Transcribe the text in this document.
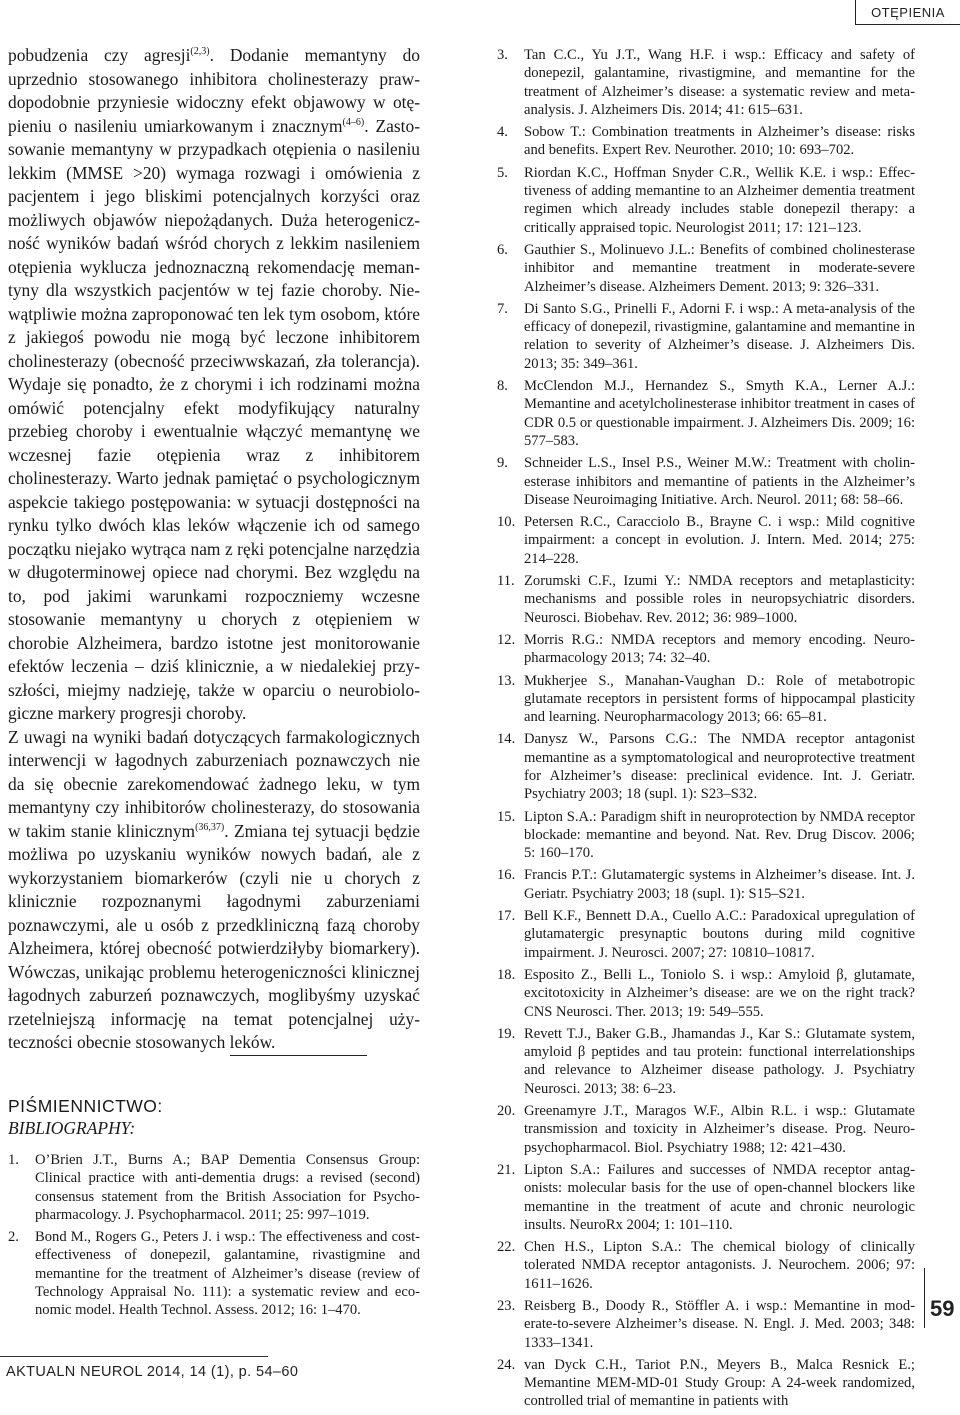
OTĘPIENIA

pobudzenia czy agresji$^{(2,3)}$. Dodanie memantyny do uprzednio stosowanego inhibitora cholinesterazy prawdopodobnie przyniesie widoczny efekt objawowy w otępieniu o nasileniu umiarkowanym i znacznym$^{(4-6)}$. Zastosowanie memantyny w przypadkach otępienia o nasileniu lekkim (MMSE >20) wymaga rozwagi i omówienia z pacjentem i jego bliskimi potencjalnych korzyści oraz możliwych objawów niepożądanych. Duża heterogeniczność wyników badań wśród chorych z lekkim nasileniem otępienia wyklucza jednoznaczną rekomendację memantyny dla wszystkich pacjentów w tej fazie choroby. Niewątpliwie można zaproponować ten lek tym osobom, które z jakiegoś powodu nie mogą być leczone inhibitorem cholinesterazy (obecność przeciwwskazań, zła tolerancja). Wydaje się ponadto, że z chorymi i ich rodzinami można omówić potencjalny efekt modyfikujący naturalny przebieg choroby i ewentualnie włączyć memantynę we wczesnej fazie otępienia wraz z inhibitorem cholinesterazy. Warto jednak pamiętać o psychologicznym aspekcie takiego postępowania: w sytuacji dostępności na rynku tylko dwóch klas leków włączenie ich od samego początku niejako wytrąca nam z ręki potencjalne narzędzia w długoterminowej opiece nad chorymi. Bez względu na to, pod jakimi warunkami rozpoczniemy wczesne stosowanie memantyny u chorych z otępieniem w chorobie Alzheimera, bardzo istotne jest monitorowanie efektów leczenia – dziś klinicznie, a w niedalekiej przyszłości, miejmy nadzieję, także w oparciu o neurobiologiczne markery progresji choroby.

Z uwagi na wyniki badań dotyczących farmakologicznych interwencji w łagodnych zaburzeniach poznawczych nie da się obecnie zarekomendować żadnego leku, w tym memantyny czy inhibitorów cholinesterazy, do stosowania w takim stanie klinicznym$^{(36,37)}$. Zmiana tej sytuacji będzie możliwa po uzyskaniu wyników nowych badań, ale z wykorzystaniem biomarkerów (czyli nie u chorych z klinicznie rozpoznanymi łagodnymi zaburzeniami poznawczymi, ale u osób z przedkliniczną fazą choroby Alzheimera, której obecność potwierdziłyby biomarkery). Wówczas, unikając problemu heterogeniczności klinicznej łagodnych zaburzeń poznawczych, moglibyśmy uzyskać rzetelniejszą informację na temat potencjalnej użyteczności obecnie stosowanych leków.

PIŚMIENNICTWO:
BIBLIOGRAPHY:
1.	O’Brien J.T., Burns A.; BAP Dementia Consensus Group: Clinical practice with anti-dementia drugs: a revised (second) consensus statement from the British Association for Psychopharmacology. J. Psychopharmacol. 2011; 25: 997–1019.
2.	Bond M., Rogers G., Peters J. i wsp.: The effectiveness and cost-effectiveness of donepezil, galantamine, rivastigmine and memantine for the treatment of Alzheimer’s disease (review of Technology Appraisal No. 111): a systematic review and economic model. Health Technol. Assess. 2012; 16: 1–470.
3.	Tan C.C., Yu J.T., Wang H.F. i wsp.: Efficacy and safety of donepezil, galantamine, rivastigmine, and memantine for the treatment of Alzheimer’s disease: a systematic review and meta-analysis. J. Alzheimers Dis. 2014; 41: 615–631.
4.	Sobow T.: Combination treatments in Alzheimer’s disease: risks and benefits. Expert Rev. Neurother. 2010; 10: 693–702.
5.	Riordan K.C., Hoffman Snyder C.R., Wellik K.E. i wsp.: Effectiveness of adding memantine to an Alzheimer dementia treatment regimen which already includes stable donepezil therapy: a critically appraised topic. Neurologist 2011; 17: 121–123.
6.	Gauthier S., Molinuevo J.L.: Benefits of combined cholinesterase inhibitor and memantine treatment in moderate-severe Alzheimer’s disease. Alzheimers Dement. 2013; 9: 326–331.
7.	Di Santo S.G., Prinelli F., Adorni F. i wsp.: A meta-analysis of the efficacy of donepezil, rivastigmine, galantamine and memantine in relation to severity of Alzheimer’s disease. J. Alzheimers Dis. 2013; 35: 349–361.
8.	McClendon M.J., Hernandez S., Smyth K.A., Lerner A.J.: Memantine and acetylcholinesterase inhibitor treatment in cases of CDR 0.5 or questionable impairment. J. Alzheimers Dis. 2009; 16: 577–583.
9.	Schneider L.S., Insel P.S., Weiner M.W.: Treatment with cholinesterase inhibitors and memantine of patients in the Alzheimer’s Disease Neuroimaging Initiative. Arch. Neurol. 2011; 68: 58–66.
10. Petersen R.C., Caracciolo B., Brayne C. i wsp.: Mild cognitive impairment: a concept in evolution. J. Intern. Med. 2014; 275: 214–228.
11. Zorumski C.F., Izumi Y.: NMDA receptors and metaplasticity: mechanisms and possible roles in neuropsychiatric disorders. Neurosci. Biobehav. Rev. 2012; 36: 989–1000.
12. Morris R.G.: NMDA receptors and memory encoding. Neuropharmacology 2013; 74: 32–40.
13. Mukherjee S., Manahan-Vaughan D.: Role of metabotropic glutamate receptors in persistent forms of hippocampal plasticity and learning. Neuropharmacology 2013; 66: 65–81.
14. Danysz W., Parsons C.G.: The NMDA receptor antagonist memantine as a symptomatological and neuroprotective treatment for Alzheimer’s disease: preclinical evidence. Int. J. Geriatr. Psychiatry 2003; 18 (supl. 1): S23–S32.
15. Lipton S.A.: Paradigm shift in neuroprotection by NMDA receptor blockade: memantine and beyond. Nat. Rev. Drug Discov. 2006; 5: 160–170.
16. Francis P.T.: Glutamatergic systems in Alzheimer’s disease. Int. J. Geriatr. Psychiatry 2003; 18 (supl. 1): S15–S21.
17. Bell K.F., Bennett D.A., Cuello A.C.: Paradoxical upregulation of glutamatergic presynaptic boutons during mild cognitive impairment. J. Neurosci. 2007; 27: 10810–10817.
18. Esposito Z., Belli L., Toniolo S. i wsp.: Amyloid β, glutamate, excitotoxicity in Alzheimer’s disease: are we on the right track? CNS Neurosci. Ther. 2013; 19: 549–555.
19. Revett T.J., Baker G.B., Jhamandas J., Kar S.: Glutamate system, amyloid β peptides and tau protein: functional interrelationships and relevance to Alzheimer disease pathology. J. Psychiatry Neurosci. 2013; 38: 6–23.
20. Greenamyre J.T., Maragos W.F., Albin R.L. i wsp.: Glutamate transmission and toxicity in Alzheimer’s disease. Prog. Neuropsychopharmacol. Biol. Psychiatry 1988; 12: 421–430.
21. Lipton S.A.: Failures and successes of NMDA receptor antagonists: molecular basis for the use of open-channel blockers like memantine in the treatment of acute and chronic neurologic insults. NeuroRx 2004; 1: 101–110.
22. Chen H.S., Lipton S.A.: The chemical biology of clinically tolerated NMDA receptor antagonists. J. Neurochem. 2006; 97: 1611–1626.
23. Reisberg B., Doody R., Stöffler A. i wsp.: Memantine in moderate-to-severe Alzheimer’s disease. N. Engl. J. Med. 2003; 348: 1333–1341.
24. van Dyck C.H., Tariot P.N., Meyers B., Malca Resnick E.; Memantine MEM-MD-01 Study Group: A 24-week randomized, controlled trial of memantine in patients with
59
AKTUALN NEUROL 2014, 14 (1), p. 54–60
